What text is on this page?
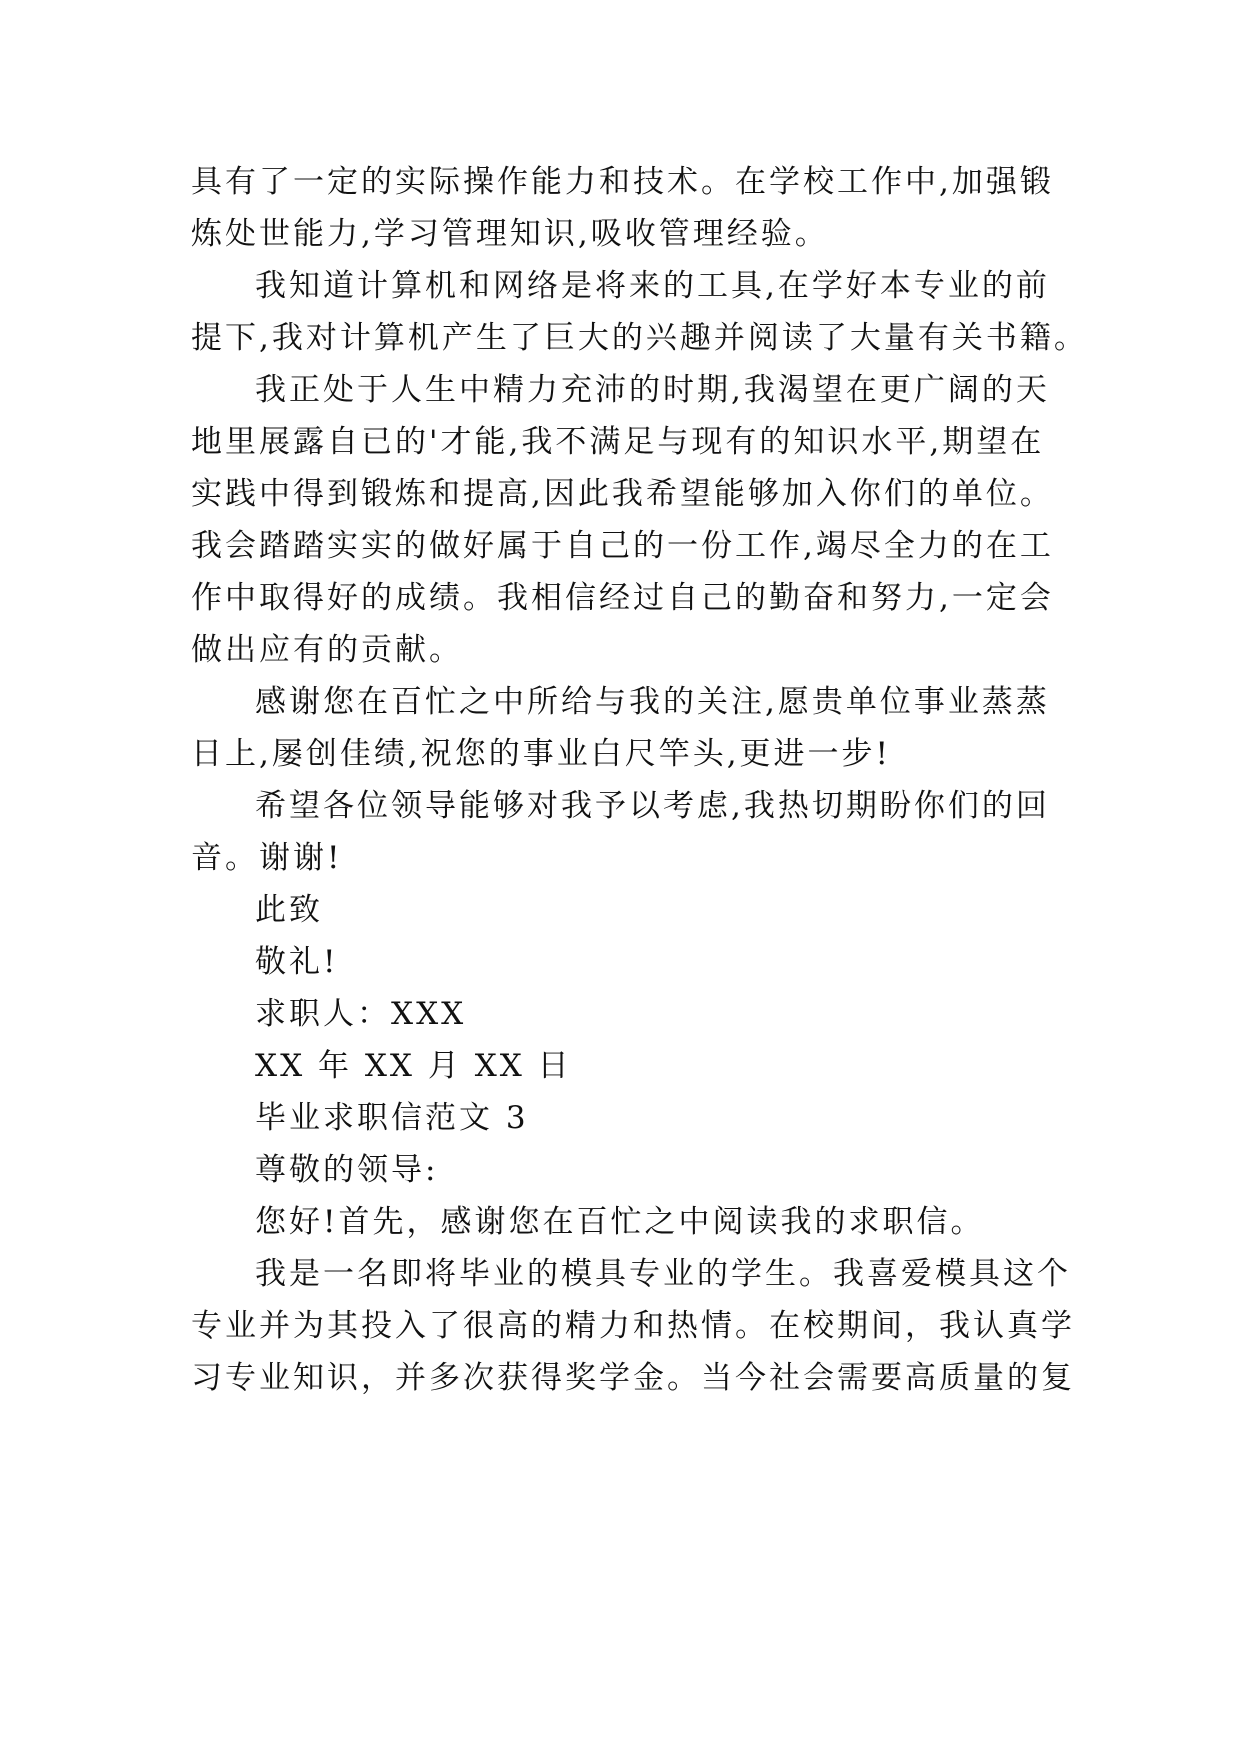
具有了一定的实际操作能力和技术。在学校工作中,加强锻
炼处世能力,学习管理知识,吸收管理经验。
我知道计算机和网络是将来的工具,在学好本专业的前
提下,我对计算机产生了巨大的兴趣并阅读了大量有关书籍。
我正处于人生中精力充沛的时期,我渴望在更广阔的天
地里展露自已的'才能,我不满足与现有的知识水平,期望在
实践中得到锻炼和提高,因此我希望能够加入你们的单位。
我会踏踏实实的做好属于自己的一份工作,竭尽全力的在工
作中取得好的成绩。我相信经过自己的勤奋和努力,一定会
做出应有的贡献。
感谢您在百忙之中所给与我的关注,愿贵单位事业蒸蒸
日上,屡创佳绩,祝您的事业白尺竿头,更进一步!
希望各位领导能够对我予以考虑,我热切期盼你们的回
音。谢谢!
此致
敬礼!
求职人：XXX
XX 年 XX 月 XX 日
毕业求职信范文 3
尊敬的领导:
您好!首先，感谢您在百忙之中阅读我的求职信。
我是一名即将毕业的模具专业的学生。我喜爱模具这个
专业并为其投入了很高的精力和热情。在校期间，我认真学
习专业知识，并多次获得奖学金。当今社会需要高质量的复
